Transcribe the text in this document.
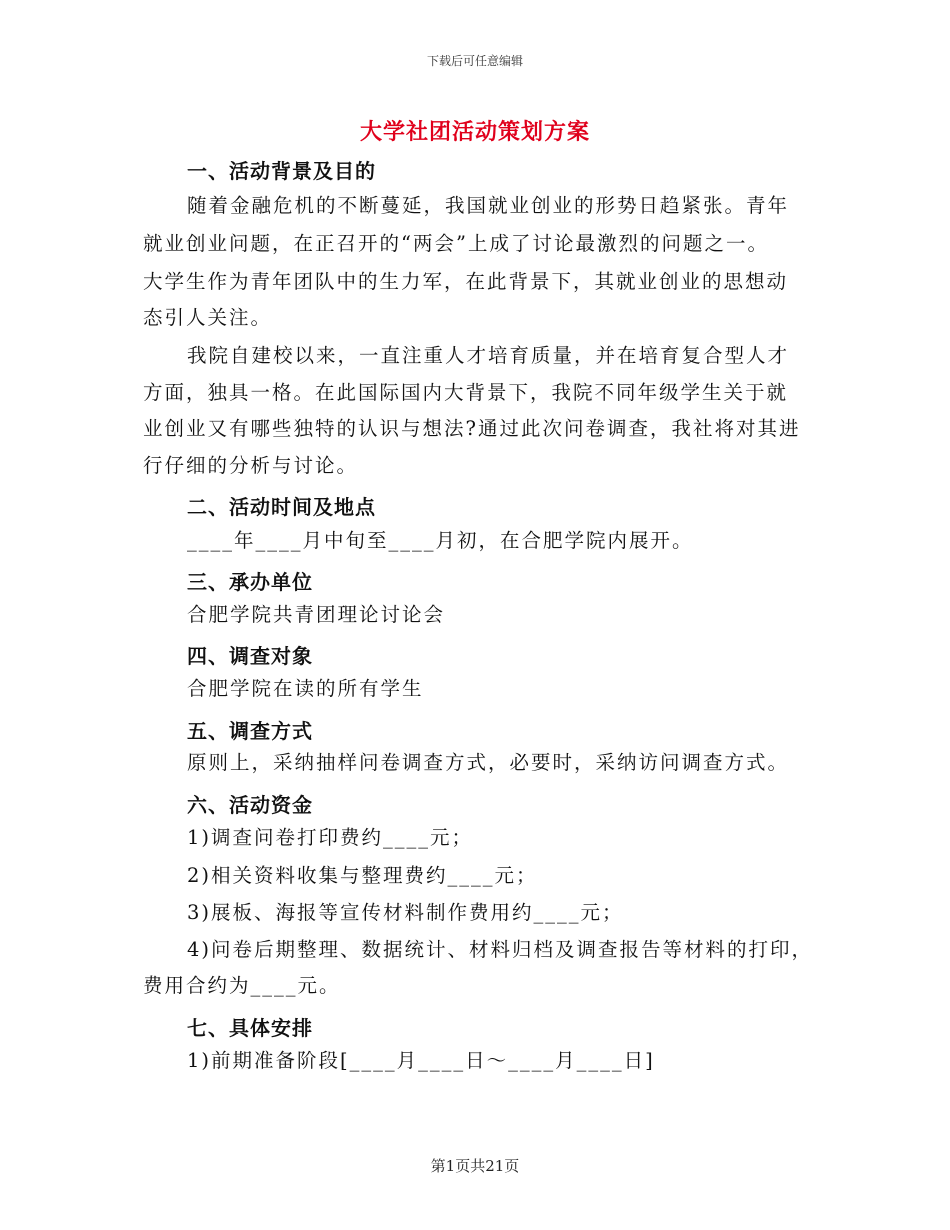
下载后可任意编辑
大学社团活动策划方案
一、活动背景及目的
随着金融危机的不断蔓延，我国就业创业的形势日趋紧张。青年
就业创业问题，在正召开的“两会”上成了讨论最激烈的问题之一。
大学生作为青年团队中的生力军，在此背景下，其就业创业的思想动
态引人关注。
我院自建校以来，一直注重人才培育质量，并在培育复合型人才
方面，独具一格。在此国际国内大背景下，我院不同年级学生关于就
业创业又有哪些独特的认识与想法?通过此次问卷调查，我社将对其进
行仔细的分析与讨论。
二、活动时间及地点
____年____月中旬至____月初，在合肥学院内展开。
三、承办单位
合肥学院共青团理论讨论会
四、调查对象
合肥学院在读的所有学生
五、调查方式
原则上，采纳抽样问卷调查方式，必要时，采纳访问调查方式。
六、活动资金
1)调查问卷打印费约____元；
2)相关资料收集与整理费约____元；
3)展板、海报等宣传材料制作费用约____元；
4)问卷后期整理、数据统计、材料归档及调查报告等材料的打印，
费用合约为____元。
七、具体安排
1)前期准备阶段[____月____日～____月____日]
第1页共21页
